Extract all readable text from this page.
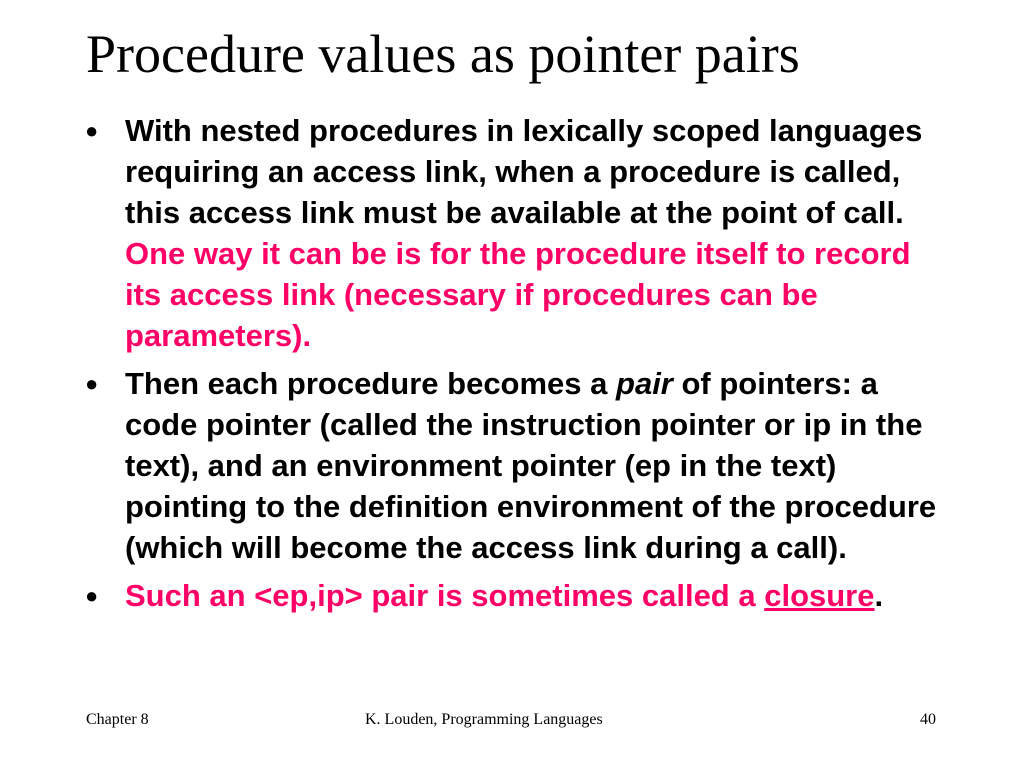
Procedure values as pointer pairs
● With nested procedures in lexically scoped languages requiring an access link, when a procedure is called, this access link must be available at the point of call. One way it can be is for the procedure itself to record its access link (necessary if procedures can be parameters).
● Then each procedure becomes a pair of pointers: a code pointer (called the instruction pointer or ip in the text), and an environment pointer (ep in the text) pointing to the definition environment of the procedure (which will become the access link during a call).
● Such an <ep,ip> pair is sometimes called a closure.
Chapter 8	K. Louden, Programming Languages	40
